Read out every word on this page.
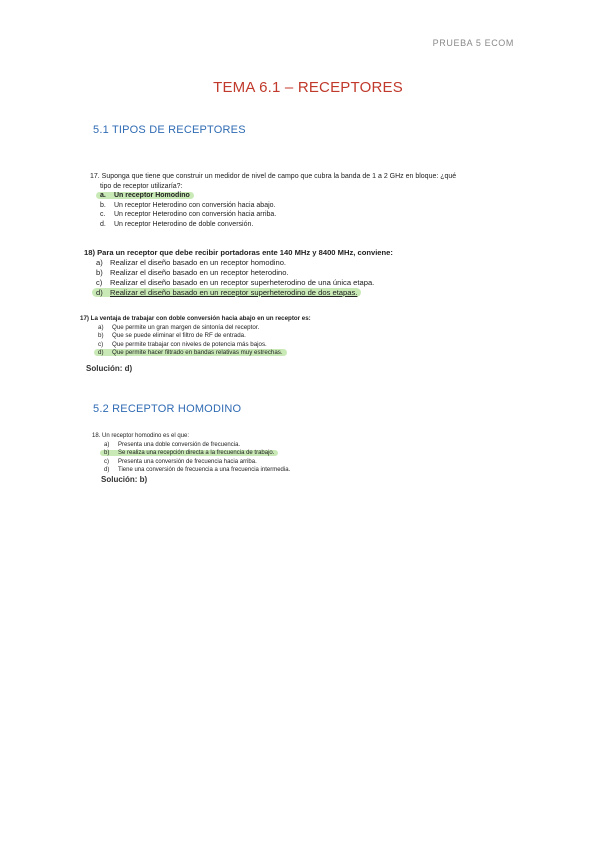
PRUEBA 5 ECOM
TEMA 6.1 – RECEPTORES
5.1 TIPOS DE RECEPTORES

17. Suponga que tiene que construir un medidor de nivel de campo que cubra la banda de 1 a 2 GHz en bloque: ¿qué

tipo de receptor utilizaría?:

a. Un receptor Homodino
b. Un receptor Heterodino con conversión hacia abajo.
c. Un receptor Heterodino con conversión hacia arriba.
d. Un receptor Heterodino de doble conversión.

18) Para un receptor que debe recibir portadoras ente 140 MHz y 8400 MHz, conviene:

a) Realizar el diseño basado en un receptor homodino.
b) Realizar el diseño basado en un receptor heterodino.
c) Realizar el diseño basado en un receptor superheterodino de una única etapa.
d) Realizar el diseño basado en un receptor superheterodino de dos etapas.

17) La ventaja de trabajar con doble conversión hacia abajo en un receptor es:

a) Que permite un gran margen de sintonía del receptor.
b) Que se puede eliminar el filtro de RF de entrada.
c) Que permite trabajar con niveles de potencia más bajos.
d) Que permite hacer filtrado en bandas relativas muy estrechas.
Solución: d)
5.2 RECEPTOR HOMODINO

18. Un receptor homodino es el que:

a) Presenta una doble conversión de frecuencia.
b) Se realiza una recepción directa a la frecuencia de trabajo.
c) Presenta una conversión de frecuencia hacia arriba.
d) Tiene una conversión de frecuencia a una frecuencia intermedia.
Solución: b)
